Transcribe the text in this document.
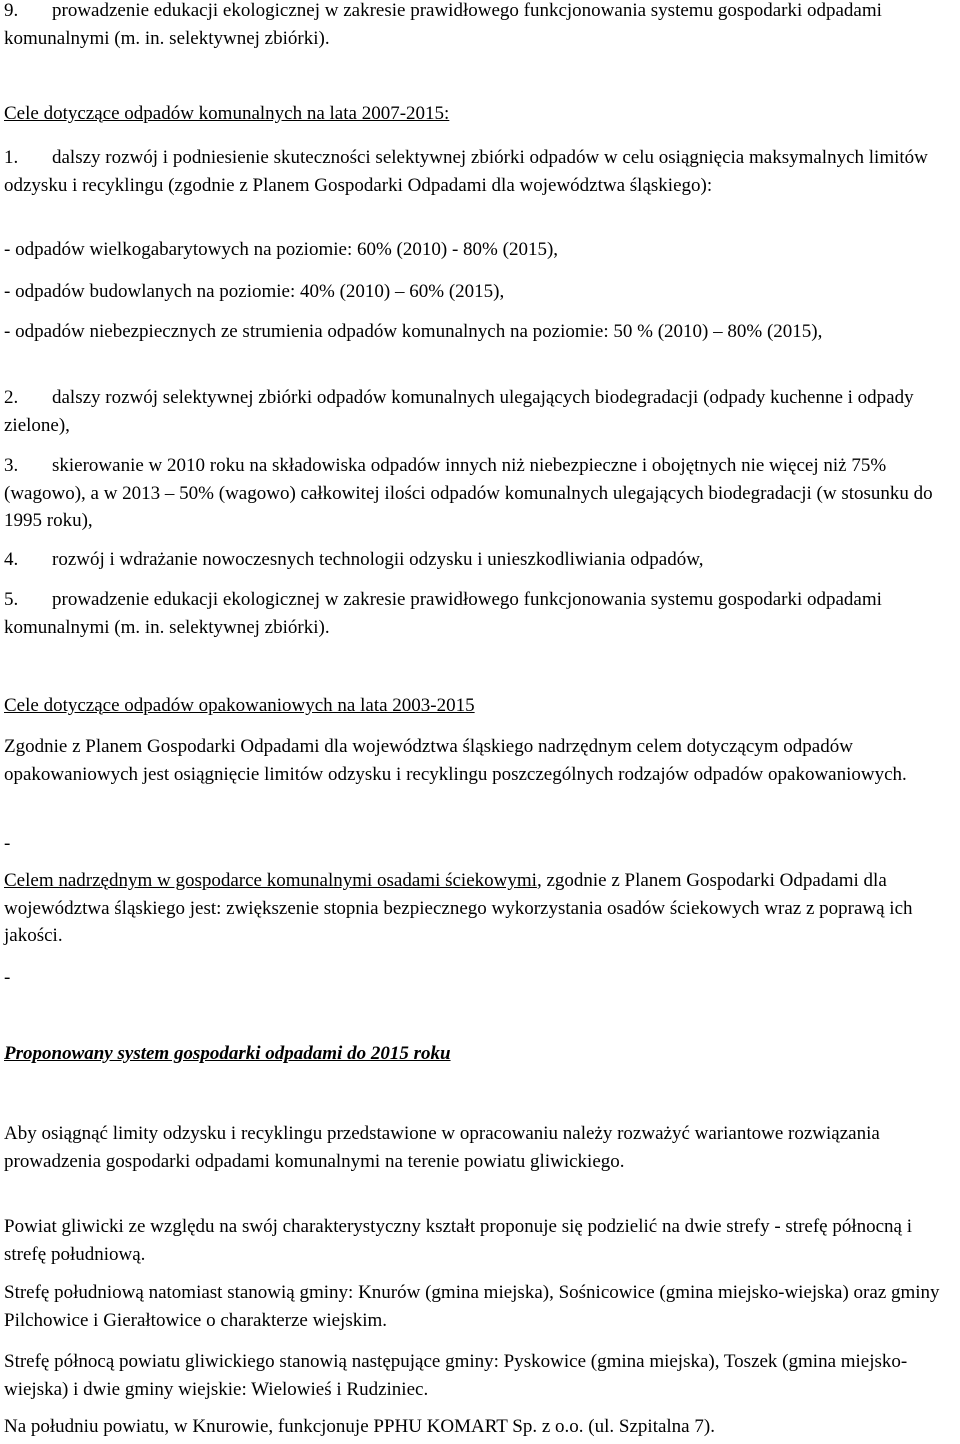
9. prowadzenie edukacji ekologicznej w zakresie prawidłowego funkcjonowania systemu gospodarki odpadami komunalnymi (m. in. selektywnej zbiórki).

Cele dotyczące odpadów komunalnych na lata 2007-2015:

1. dalszy rozwój i podniesienie skuteczności selektywnej zbiórki odpadów w celu osiągnięcia maksymalnych limitów odzysku i recyklingu (zgodnie z Planem Gospodarki Odpadami dla województwa śląskiego):

- odpadów wielkogabarytowych na poziomie: 60% (2010) - 80% (2015),

- odpadów budowlanych na poziomie: 40% (2010) – 60% (2015),

- odpadów niebezpiecznych ze strumienia odpadów komunalnych na poziomie: 50 % (2010) – 80% (2015),

2. dalszy rozwój selektywnej zbiórki odpadów komunalnych ulegających biodegradacji (odpady kuchenne i odpady zielone),

3. skierowanie w 2010 roku na składowiska odpadów innych niż niebezpieczne i obojętnych nie więcej niż 75% (wagowo), a w 2013 – 50% (wagowo) całkowitej ilości odpadów komunalnych ulegających biodegradacji (w stosunku do 1995 roku),

4. rozwój i wdrażanie nowoczesnych technologii odzysku i unieszkodliwiania odpadów,

5. prowadzenie edukacji ekologicznej w zakresie prawidłowego funkcjonowania systemu gospodarki odpadami komunalnymi (m. in. selektywnej zbiórki).

Cele dotyczące odpadów opakowaniowych na lata 2003-2015

Zgodnie z Planem Gospodarki Odpadami dla województwa śląskiego nadrzędnym celem dotyczącym odpadów opakowaniowych jest osiągnięcie limitów odzysku i recyklingu poszczególnych rodzajów odpadów opakowaniowych.

-

Celem nadrzędnym w gospodarce komunalnymi osadami ściekowymi, zgodnie z Planem Gospodarki Odpadami dla województwa śląskiego jest: zwiększenie stopnia bezpiecznego wykorzystania osadów ściekowych wraz z poprawą ich jakości.

-

Proponowany system gospodarki odpadami do 2015 roku

Aby osiągnąć limity odzysku i recyklingu przedstawione w opracowaniu należy rozważyć wariantowe rozwiązania prowadzenia gospodarki odpadami komunalnymi na terenie powiatu gliwickiego.

Powiat gliwicki ze względu na swój charakterystyczny kształt proponuje się podzielić na dwie strefy - strefę północną i strefę południową.

Strefę południową natomiast stanowią gminy: Knurów (gmina miejska), Sośnicowice (gmina miejsko-wiejska) oraz gminy Pilchowice i Gierałtowice o charakterze wiejskim.

Strefę północą powiatu gliwickiego stanowią następujące gminy: Pyskowice (gmina miejska), Toszek (gmina miejsko-wiejska) i dwie gminy wiejskie: Wielowieś i Rudziniec.

Na południu powiatu, w Knurowie, funkcjonuje PPHU KOMART Sp. z o.o. (ul. Szpitalna 7).
